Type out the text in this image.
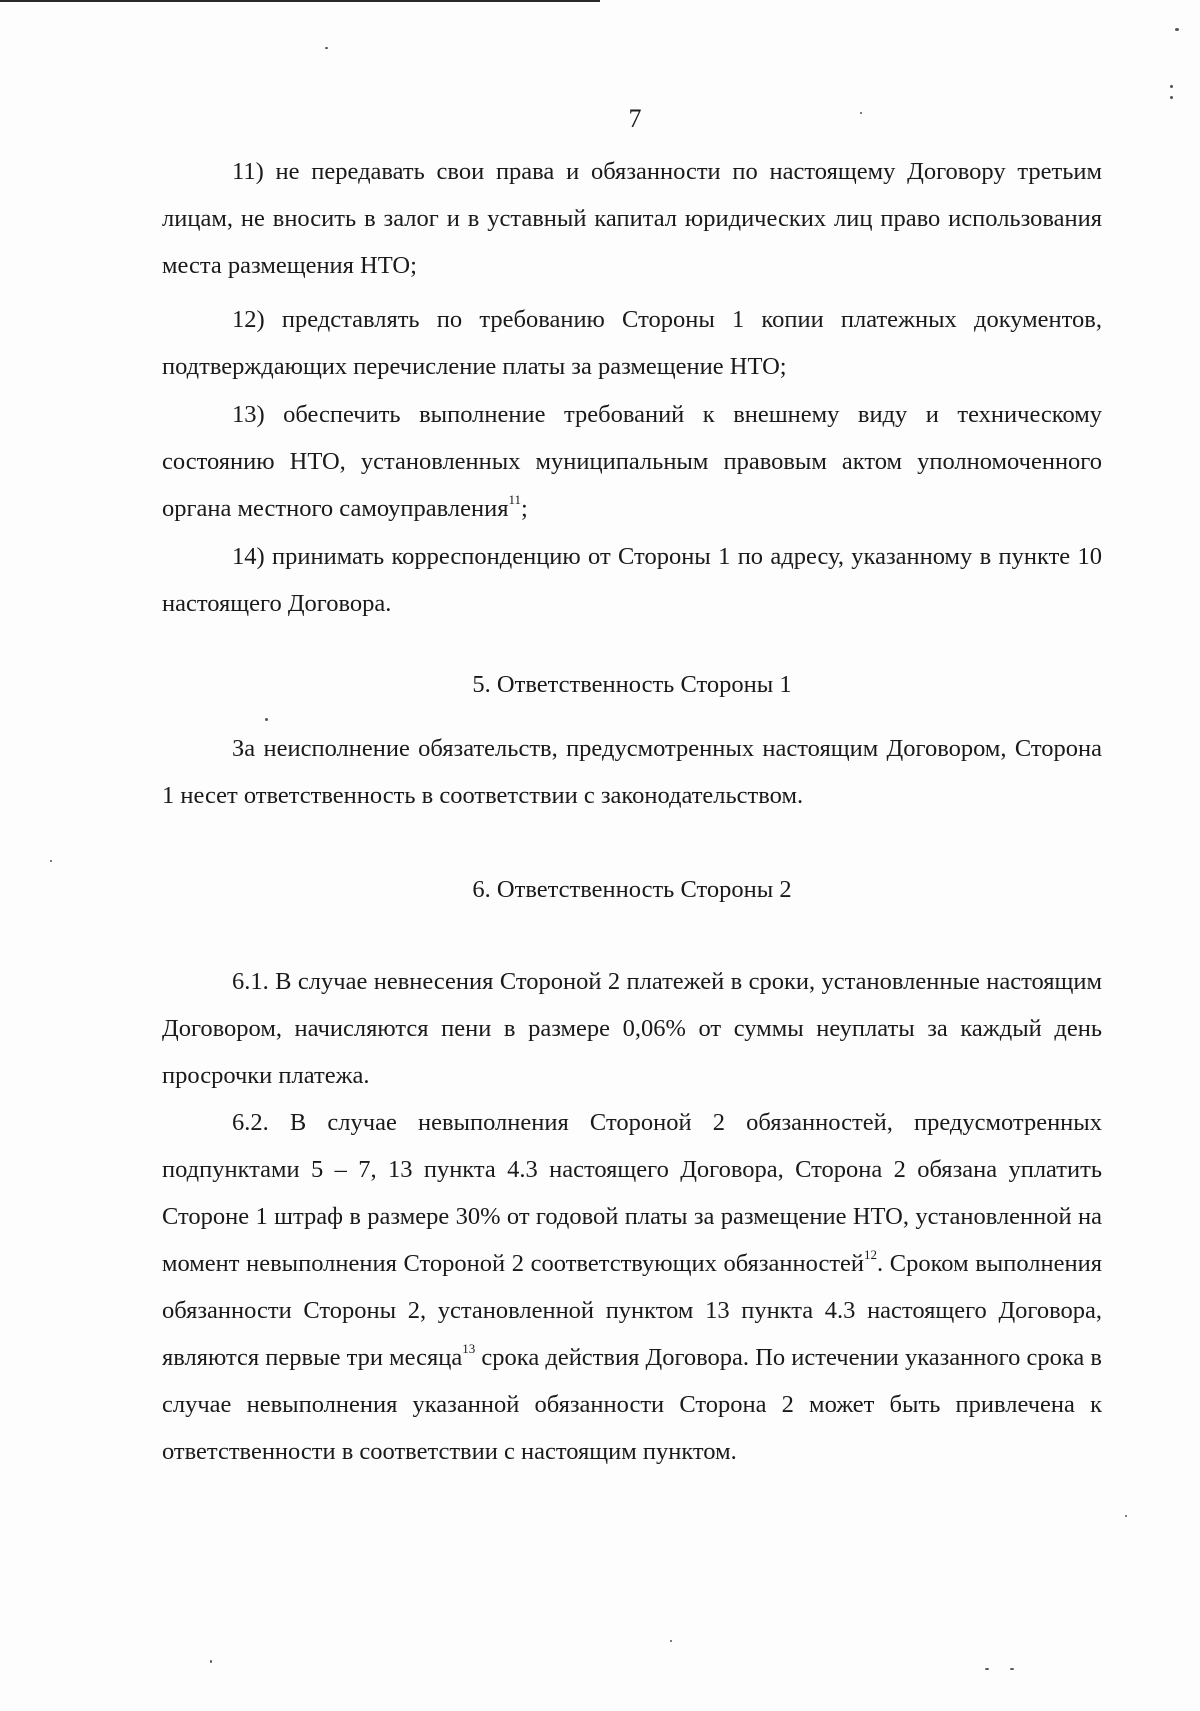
7

11) не передавать свои права и обязанности по настоящему Договору третьим лицам, не вносить в залог и в уставный капитал юридических лиц право использования места размещения НТО;

12) представлять по требованию Стороны 1 копии платежных документов, подтверждающих перечисление платы за размещение НТО;

13) обеспечить выполнение требований к внешнему виду и техническому состоянию НТО, установленных муниципальным правовым актом уполномоченного органа местного самоуправления$^{11}$;

14) принимать корреспонденцию от Стороны 1 по адресу, указанному в пункте 10 настоящего Договора.

5. Ответственность Стороны 1

За неисполнение обязательств, предусмотренных настоящим Договором, Сторона 1 несет ответственность в соответствии с законодательством.

6. Ответственность Стороны 2

6.1. В случае невнесения Стороной 2 платежей в сроки, установленные настоящим Договором, начисляются пени в размере 0,06% от суммы неуплаты за каждый день просрочки платежа.

6.2. В случае невыполнения Стороной 2 обязанностей, предусмотренных подпунктами 5 – 7, 13 пункта 4.3 настоящего Договора, Сторона 2 обязана уплатить Стороне 1 штраф в размере 30% от годовой платы за размещение НТО, установленной на момент невыполнения Стороной 2 соответствующих обязанностей$^{12}$. Сроком выполнения обязанности Стороны 2, установленной пунктом 13 пункта 4.3 настоящего Договора, являются первые три месяца$^{13}$ срока действия Договора. По истечении указанного срока в случае невыполнения указанной обязанности Сторона 2 может быть привлечена к ответственности в соответствии с настоящим пунктом.
